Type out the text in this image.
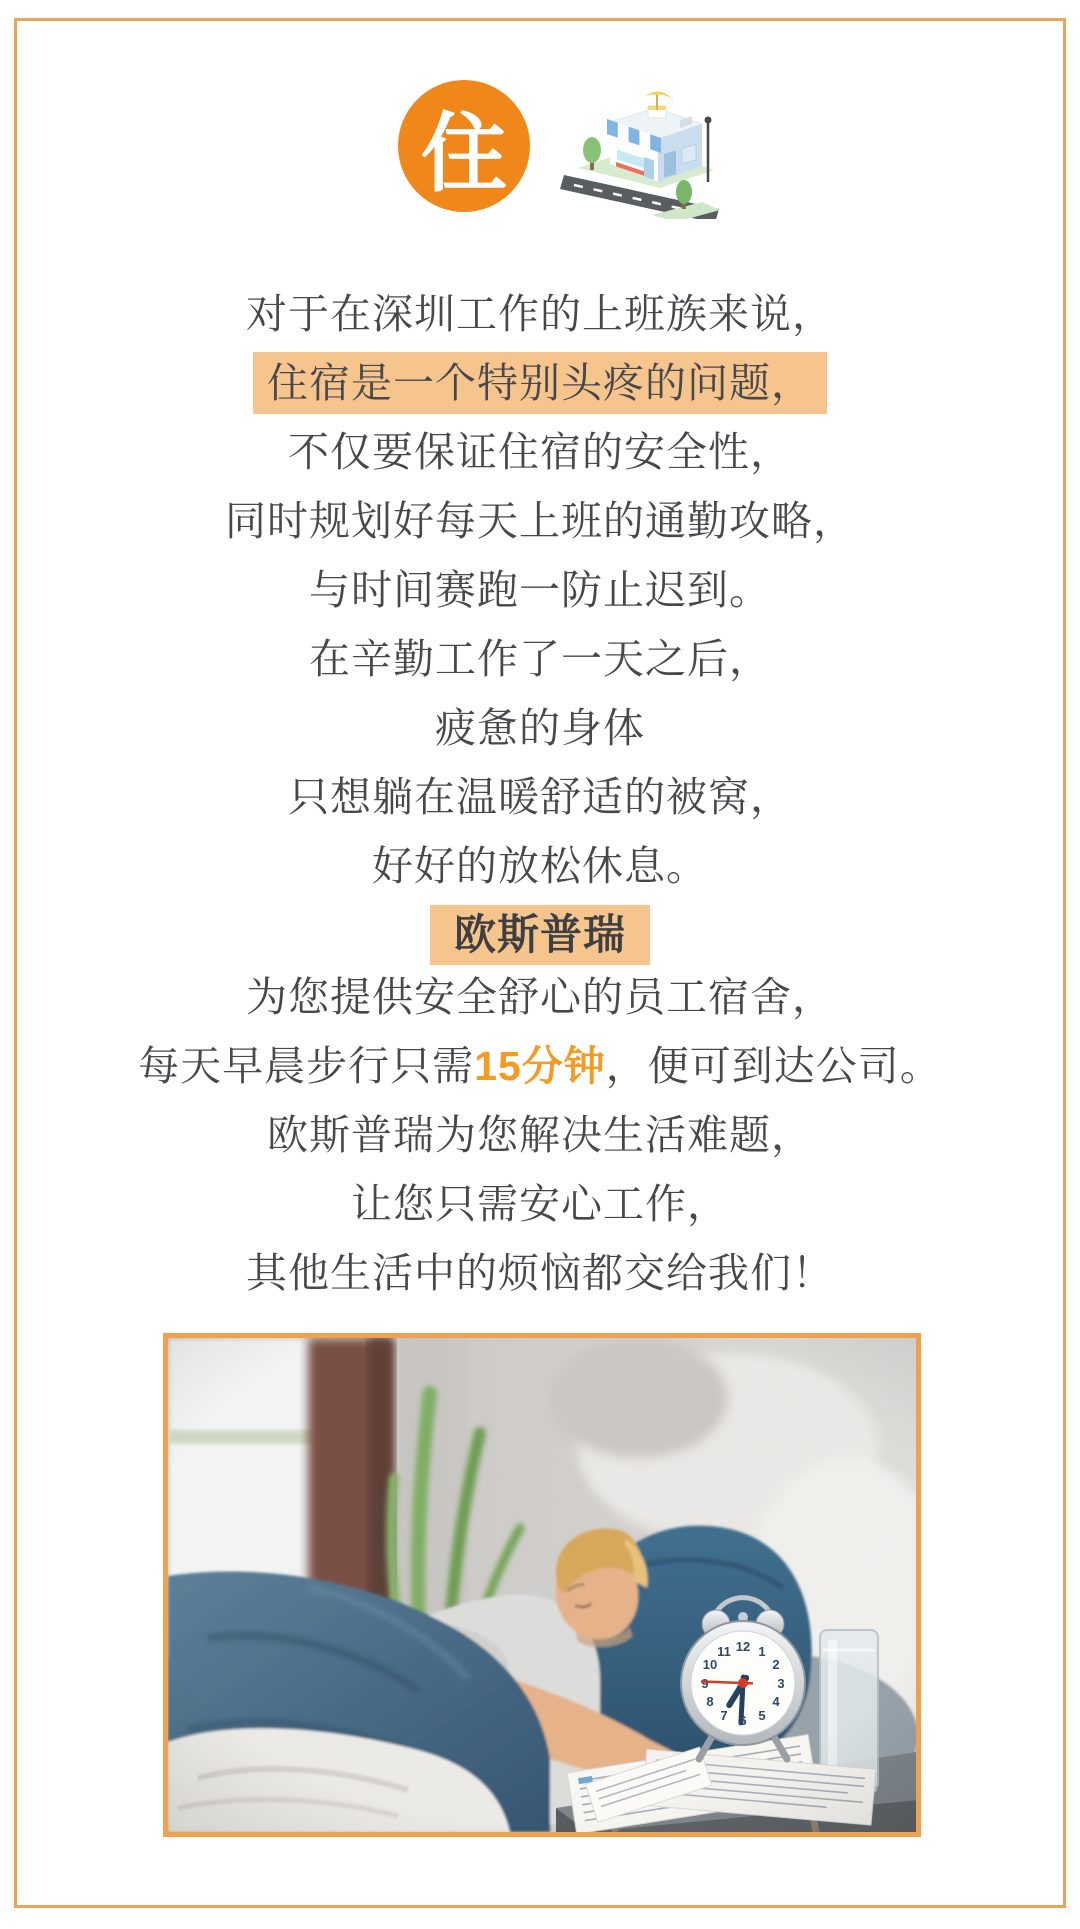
住
对于在深圳工作的上班族来说，
住宿是一个特别头疼的问题，
不仅要保证住宿的安全性，
同时规划好每天上班的通勤攻略，
与时间赛跑一防止迟到。
在辛勤工作了一天之后，
疲惫的身体
只想躺在温暖舒适的被窝，
好好的放松休息。
欧斯普瑞
为您提供安全舒心的员工宿舍，
每天早晨步行只需15分钟，便可到达公司。
欧斯普瑞为您解决生活难题，
让您只需安心工作，
其他生活中的烦恼都交给我们！
